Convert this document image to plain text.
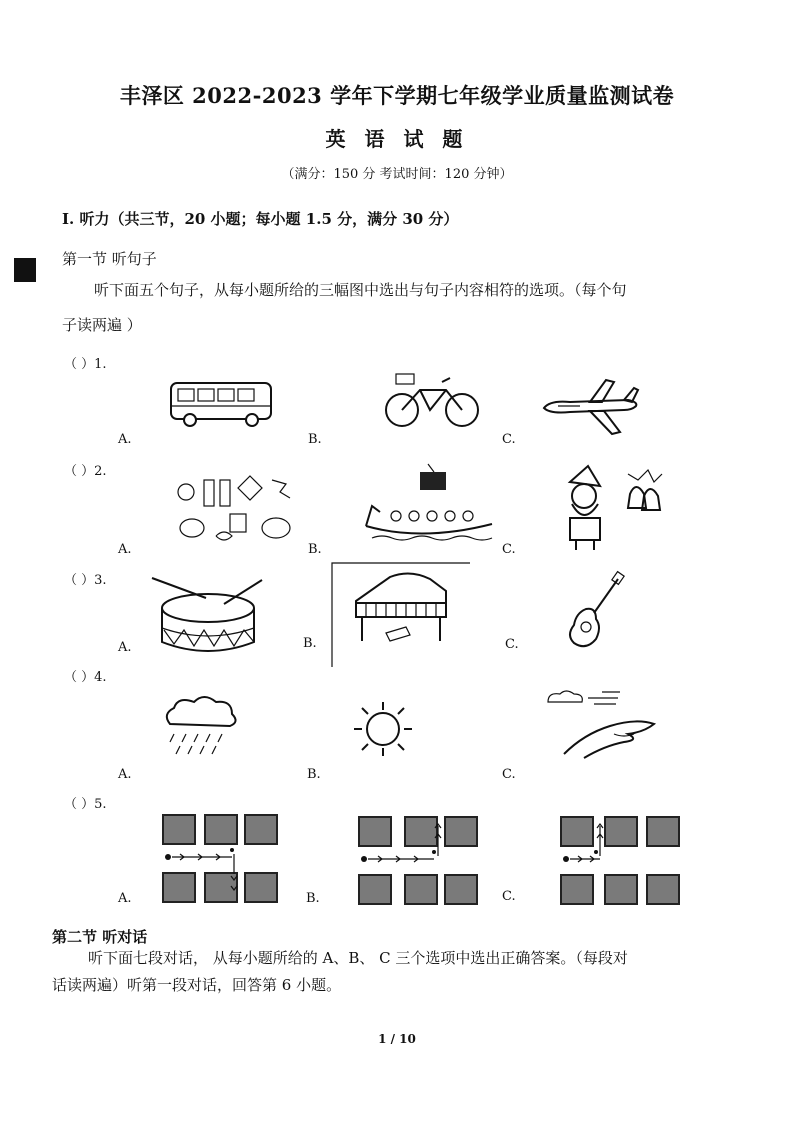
丰泽区 2022-2023 学年下学期七年级学业质量监测试卷
英 语 试 题
（满分：150 分 考试时间：120 分钟）
I. 听力（共三节，20 小题；每小题 1.5 分，满分 30 分）
第一节 听句子
听下面五个句子，从每小题所给的三幅图中选出与句子内容相符的选项。（每个句
子读两遍 ）
（ ）1.
A.	B.	C.
（ ）2.
A.	B.	C.
（ ）3.
A.	B.	C.
（ ）4.
A.	B.	C.
（ ）5.
A.	B.	C.
第二节 听对话
听下面七段对话， 从每小题所给的 A、B、 C 三个选项中选出正确答案。（每段对
话读两遍）听第一段对话，回答第 6 小题。
1 / 10
